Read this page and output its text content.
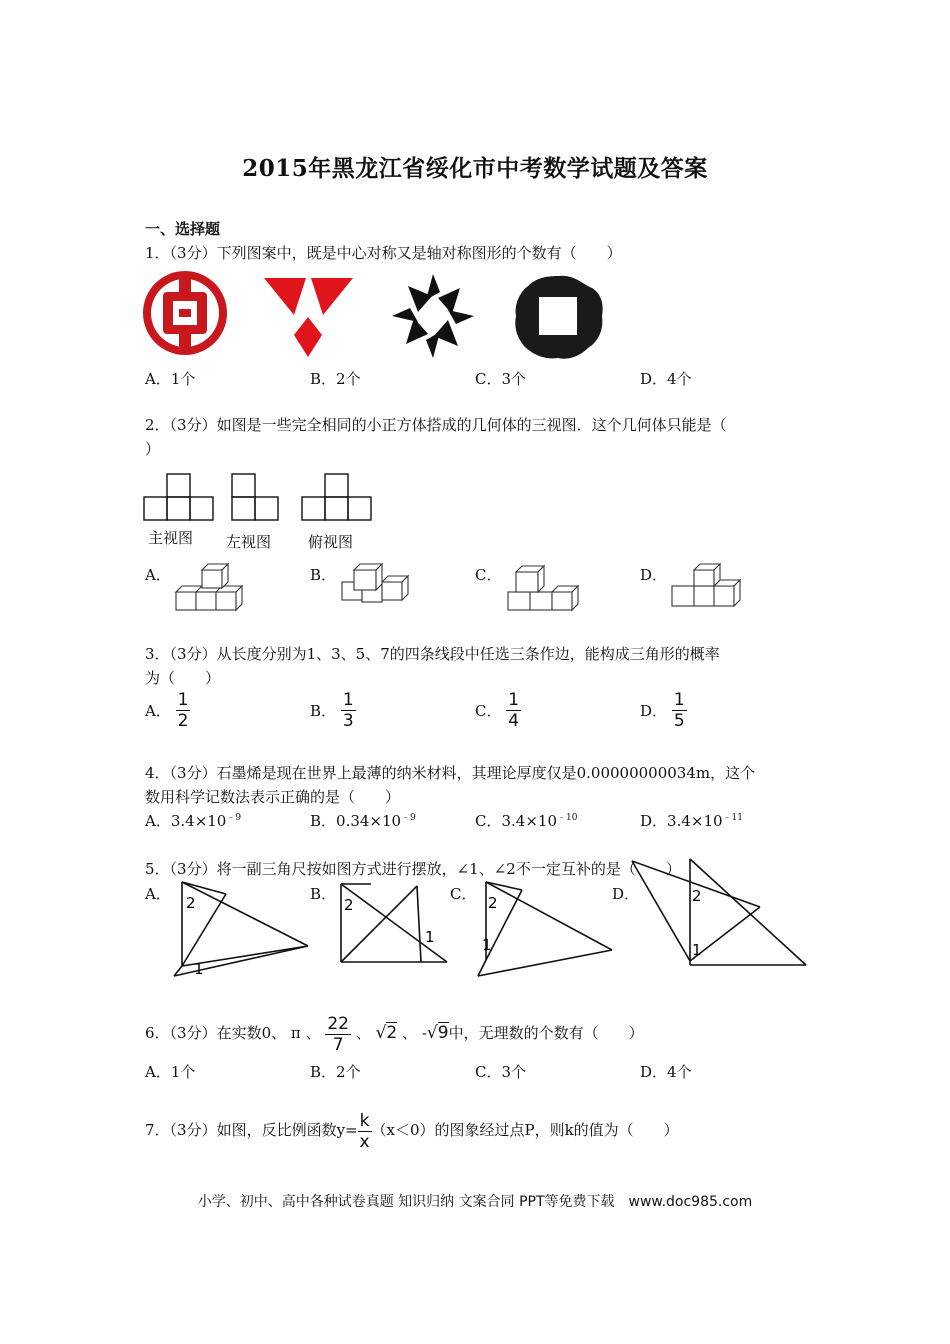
2015年黑龙江省绥化市中考数学试题及答案
一、选择题
1．（3分）下列图案中，既是中心对称又是轴对称图形的个数有（　　）
A．1个	B．2个	C．3个	D．4个
2．（3分）如图是一些完全相同的小正方体搭成的几何体的三视图．这个几何体只能是（
）
主视图 左视图 俯视图
A．	B．	C．	D．
3．（3分）从长度分别为1、3、5、7的四条线段中任选三条作边，能构成三角形的概率
为（　　）
A． $\frac{1}{2}$	B． $\frac{1}{3}$	C． $\frac{1}{4}$	D． $\frac{1}{5}$
4．（3分）石墨烯是现在世界上最薄的纳米材料，其理论厚度仅是0.00000000034m，这个
数用科学记数法表示正确的是（　　）
A．$3.4\times 10^{﹣9}$	B．$0.34\times 10^{﹣9}$	C．$3.4\times 10^{﹣10}$	D．$3.4\times 10^{﹣11}$
5．（3分）将一副三角尺按如图方式进行摆放，∠1、∠2不一定互补的是（　　）
A．	B．	C．	D．
2
1
2
1
2
1
2
1
6．（3分）在实数0、 π 、 $\frac{22}{7}$ 、 √2 、 -√9中，无理数的个数有（　　）
A．1个	B．2个	C．3个	D．4个
7．（3分）如图，反比例函数$y= \frac{k}{x} (x<0)$的图象经过点P，则k的值为（　　）
小学、初中、高中各种试卷真题 知识归纳 文案合同 PPT等免费下载　www.doc985.com
